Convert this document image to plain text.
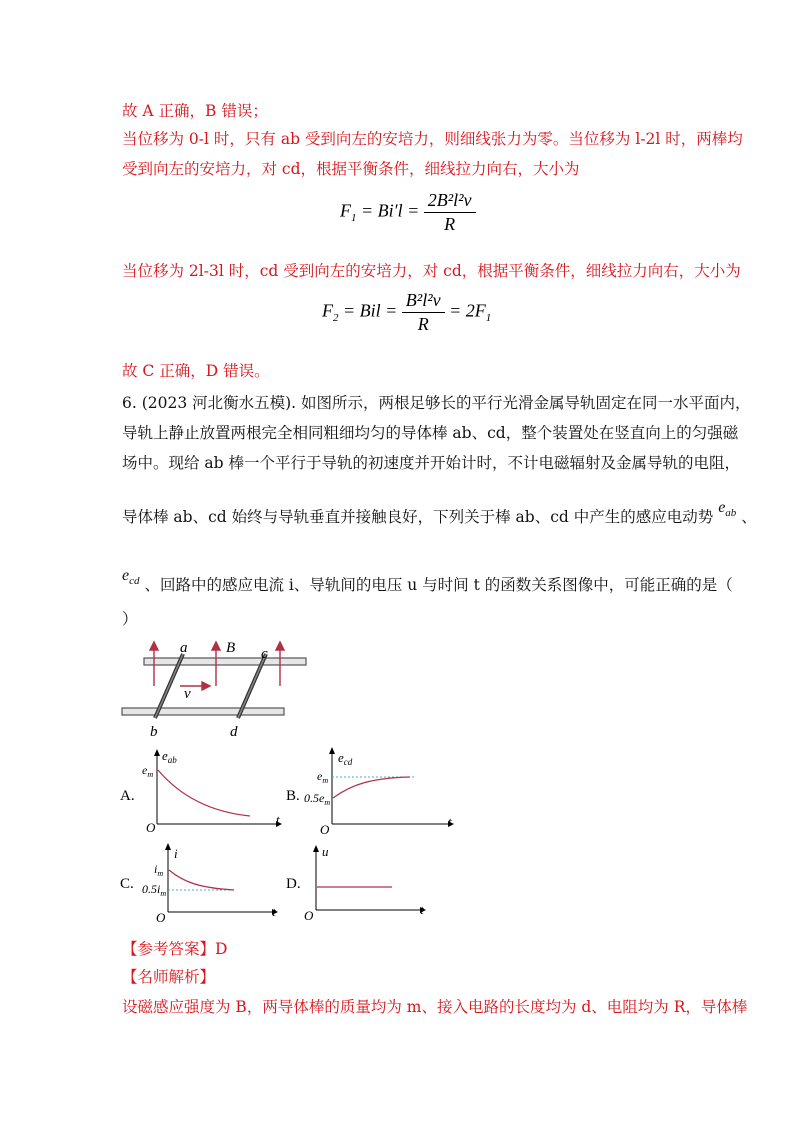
故 A 正确，B 错误；
当位移为 0-l 时，只有 ab 受到向左的安培力，则细线张力为零。当位移为 l-2l 时，两棒均
受到向左的安培力，对 cd，根据平衡条件，细线拉力向右，大小为
$F_1 = Bi'l = \frac{\text{2B²l²v}}{R}$
当位移为 2l-3l 时，cd 受到向左的安培力，对 cd，根据平衡条件，细线拉力向右，大小为
$F_2$ = Bil = $\frac{\text{B²l²v}}{R} = 2F_1$
故 C 正确，D 错误。
6. (2023 河北衡水五模). 如图所示，两根足够长的平行光滑金属导轨固定在同一水平面内，
导轨上静止放置两根完全相同粗细均匀的导体棒 ab、cd，整个装置处在竖直向上的匀强磁
场中。现给 ab 棒一个平行于导轨的初速度并开始计时，不计电磁辐射及金属导轨的电阻，
导体棒 ab、cd 始终与导轨垂直并接触良好，下列关于棒 ab、cd 中产生的感应电动势 $e_{ab}$ 、
$e_{cd}$ 、回路中的感应电流 i、导轨间的电压 u 与时间 t 的函数关系图像中，可能正确的是（
）
a	B c
v
b	d
A.
$e_{ab}$
$e_m$
O
t
B.
$e_{cd}$
$e_m$
$0.5e_m$
O
t
C.
i
$i_m$
$0.5i_m$
O	t
D.
u
O	t
【参考答案】D
【名师解析】
设磁感应强度为 B，两导体棒的质量均为 m、接入电路的长度均为 d、电阻均为 R，导体棒
